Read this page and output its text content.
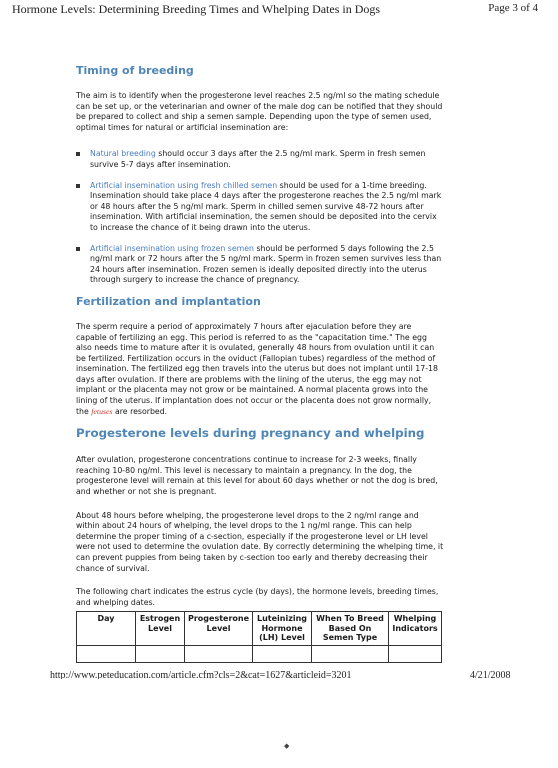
Hormone Levels: Determining Breeding Times and Whelping Dates in Dogs	Page 3 of 4
Timing of breeding

The aim is to identify when the progesterone level reaches 2.5 ng/ml so the mating schedule can be set up, or the veterinarian and owner of the male dog can be notified that they should be prepared to collect and ship a semen sample. Depending upon the type of semen used, optimal times for natural or artificial insemination are:

Natural breeding should occur 3 days after the 2.5 ng/ml mark. Sperm in fresh semen survive 5-7 days after insemination.
Artificial insemination using fresh chilled semen should be used for a 1-time breeding. Insemination should take place 4 days after the progesterone reaches the 2.5 ng/ml mark or 48 hours after the 5 ng/ml mark. Sperm in chilled semen survive 48-72 hours after insemination. With artificial insemination, the semen should be deposited into the cervix to increase the chance of it being drawn into the uterus.
Artificial insemination using frozen semen should be performed 5 days following the 2.5 ng/ml mark or 72 hours after the 5 ng/ml mark. Sperm in frozen semen survives less than 24 hours after insemination. Frozen semen is ideally deposited directly into the uterus through surgery to increase the chance of pregnancy.
Fertilization and implantation

The sperm require a period of approximately 7 hours after ejaculation before they are capable of fertilizing an egg. This period is referred to as the "capacitation time." The egg also needs time to mature after it is ovulated, generally 48 hours from ovulation until it can be fertilized. Fertilization occurs in the oviduct (Fallopian tubes) regardless of the method of insemination. The fertilized egg then travels into the uterus but does not implant until 17-18 days after ovulation. If there are problems with the lining of the uterus, the egg may not implant or the placenta may not grow or be maintained. A normal placenta grows into the lining of the uterus. If implantation does not occur or the placenta does not grow normally, the fetuses are resorbed.

Progesterone levels during pregnancy and whelping

After ovulation, progesterone concentrations continue to increase for 2-3 weeks, finally reaching 10-80 ng/ml. This level is necessary to maintain a pregnancy. In the dog, the progesterone level will remain at this level for about 60 days whether or not the dog is bred, and whether or not she is pregnant.

About 48 hours before whelping, the progesterone level drops to the 2 ng/ml range and within about 24 hours of whelping, the level drops to the 1 ng/ml range. This can help determine the proper timing of a c-section, especially if the progesterone level or LH level were not used to determine the ovulation date. By correctly determining the whelping time, it can prevent puppies from being taken by c-section too early and thereby decreasing their chance of survival.

The following chart indicates the estrus cycle (by days), the hormone levels, breeding times, and whelping dates.

Day	Estrogen Level	Progesterone Level	Luteinizing Hormone (LH) Level	When To Breed Based On Semen Type	Whelping Indicators

http://www.peteducation.com/article.cfm?cls=2&cat=1627&articleid=3201	4/21/2008
◆
